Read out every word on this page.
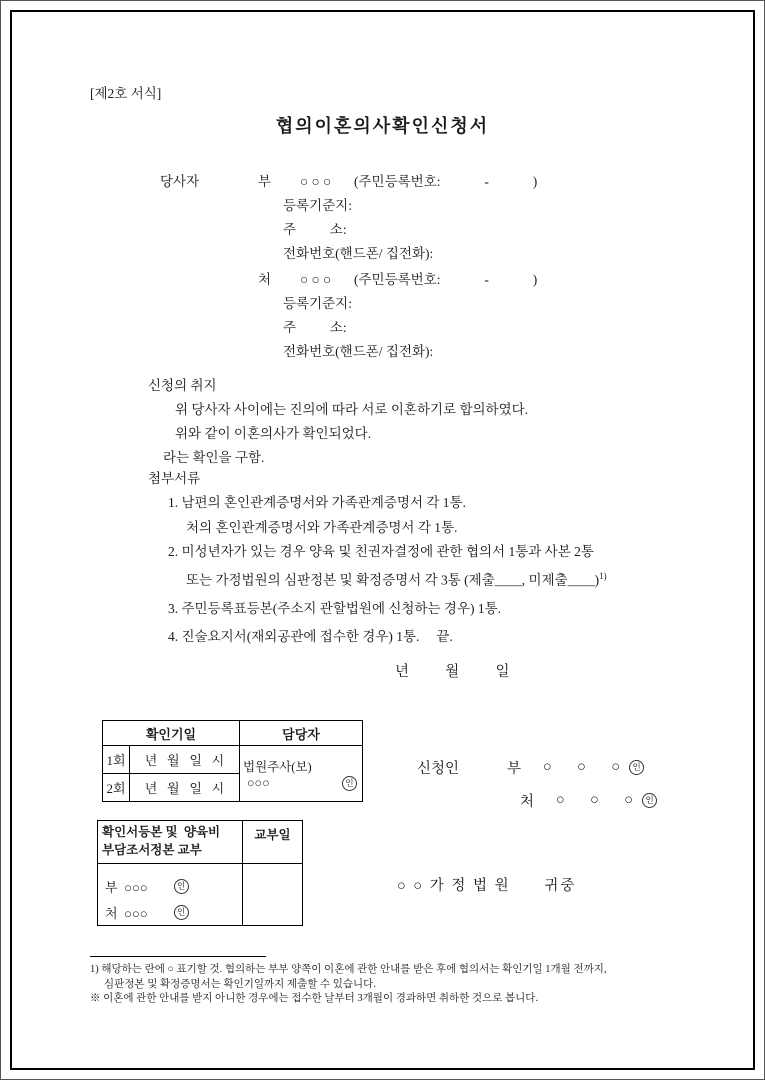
[제2호 서식]
협의이혼의사확인신청서
당사자	부 ○ ○ ○ (주민등록번호:             -             )
등록기준지:
주          소:
전화번호(핸드폰/ 집전화):
처 ○ ○ ○ (주민등록번호:             -             )
등록기준지:
주          소:
전화번호(핸드폰/ 집전화):
신청의 취지
위 당사자 사이에는 진의에 따라 서로 이혼하기로 합의하였다.
위와 같이 이혼의사가 확인되었다.
라는 확인을 구함.
첨부서류
1. 남편의 혼인관계증명서와 가족관계증명서 각 1통.
처의 혼인관계증명서와 가족관계증명서 각 1통.
2. 미성년자가 있는 경우 양육 및 친권자결정에 관한 협의서 1통과 사본 2통
또는 가정법원의 심판정본 및 확정증명서 각 3통 (제출____, 미제출____)$^{1)}$
3. 주민등록표등본(주소지 관할법원에 신청하는 경우) 1통.
4. 진술요지서(재외공관에 접수한 경우) 1통.     끝.
년          월          일
확인기일		담당자
1회	년   월   일   시	법원주사(보)
○○○ 인

2회	년   월   일   시	
신청인	부 ○       ○       ○	인
처 ○       ○       ○	인
확인서등본 및  양육비
부담조서정본 교부	교부일

부  ○○○ 인
처  ○○○ 인	

○ ○ 가 정 법 원      귀중
1) 해당하는 란에 ○ 표기할 것. 협의하는 부부 양쪽이 이혼에 관한 안내를 받은 후에 협의서는 확인기일 1개월 전까지,
심판정본 및 확정증명서는 확인기일까지 제출할 수 있습니다.
※ 이혼에 관한 안내를 받지 아니한 경우에는 접수한 날부터 3개월이 경과하면 취하한 것으로 봅니다.
